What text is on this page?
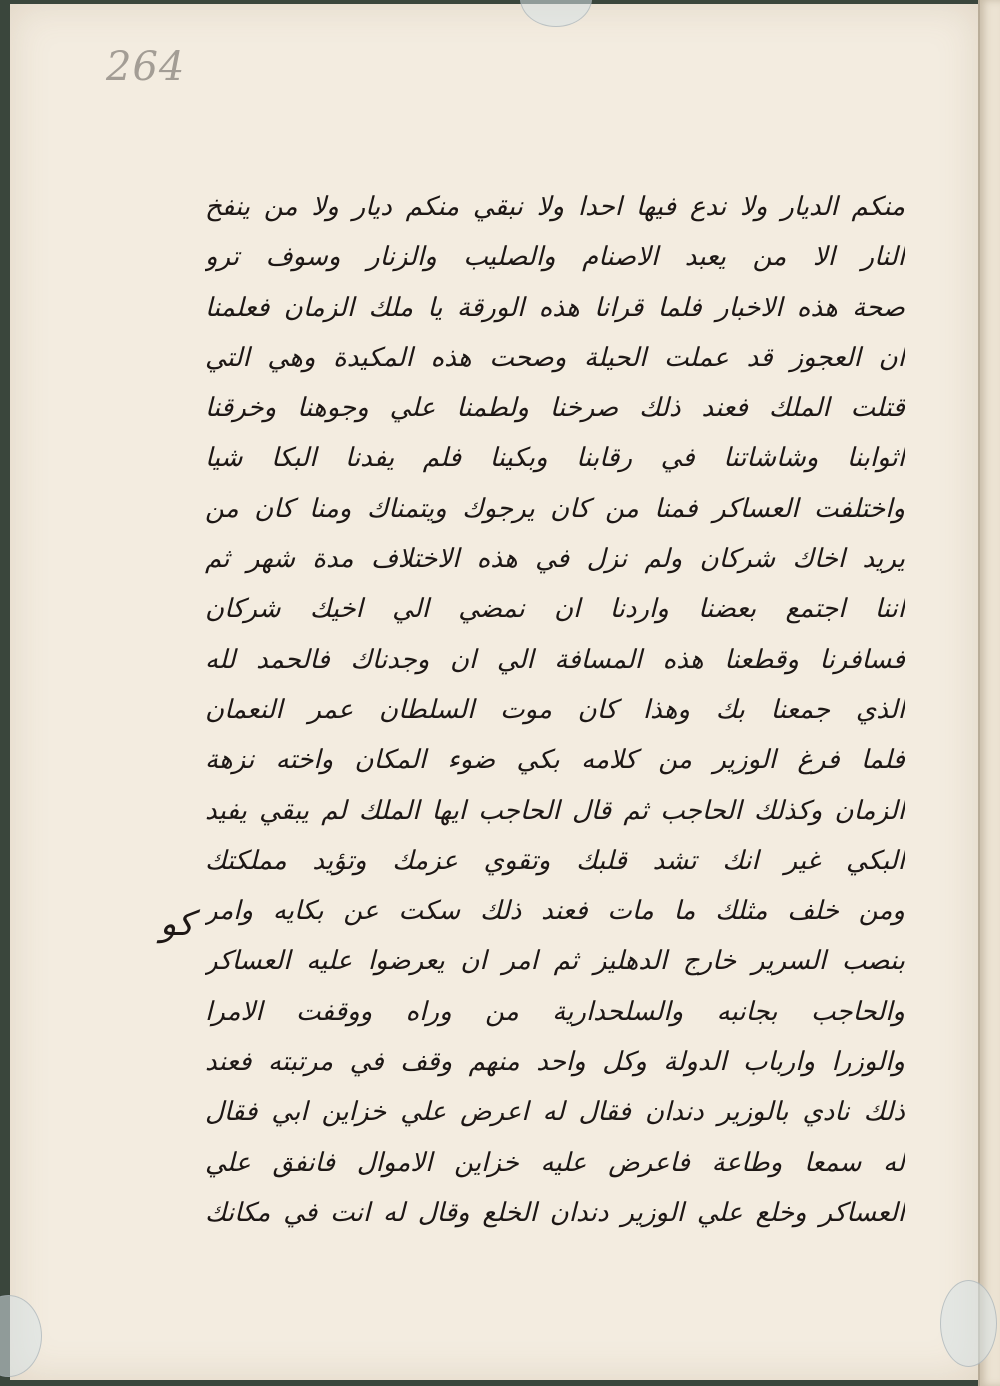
264
منكم الديار ولا ندع فيها احدا ولا نبقي منكم ديار ولا من ينفخ
النار الا من يعبد الاصنام والصليب والزنار وسوف ترو
صحة هذه الاخبار فلما قرانا هذه الورقة يا ملك الزمان فعلمنا
ان العجوز قد عملت الحيلة وصحت هذه المكيدة وهي التي
قتلت الملك فعند ذلك صرخنا ولطمنا علي وجوهنا وخرقنا
اثوابنا وشاشاتنا في رقابنا وبكينا فلم يفدنا البكا شيا
واختلفت العساكر فمنا من كان يرجوك ويتمناك ومنا كان من
يريد اخاك شركان ولم نزل في هذه الاختلاف مدة شهر ثم
اننا اجتمع بعضنا واردنا ان نمضي الي اخيك شركان
فسافرنا وقطعنا هذه المسافة الي ان وجدناك فالحمد لله
الذي جمعنا بك وهذا كان موت السلطان عمر النعمان
فلما فرغ الوزير من كلامه بكي ضوء المكان واخته نزهة
الزمان وكذلك الحاجب ثم قال الحاجب ايها الملك لم يبقي يفيد
البكي غير انك تشد قلبك وتقوي عزمك وتؤيد مملكتك
ومن خلف مثلك ما مات فعند ذلك سكت عن بكايه وامر
بنصب السرير خارج الدهليز ثم امر ان يعرضوا عليه العساكر
والحاجب بجانبه والسلحدارية من وراه ووقفت الامرا
والوزرا وارباب الدولة وكل واحد منهم وقف في مرتبته فعند
ذلك نادي بالوزير دندان فقال له اعرض علي خزاين ابي فقال
له سمعا وطاعة فاعرض عليه خزاين الاموال فانفق علي
العساكر وخلع علي الوزير دندان الخلع وقال له انت في مكانك
كو
